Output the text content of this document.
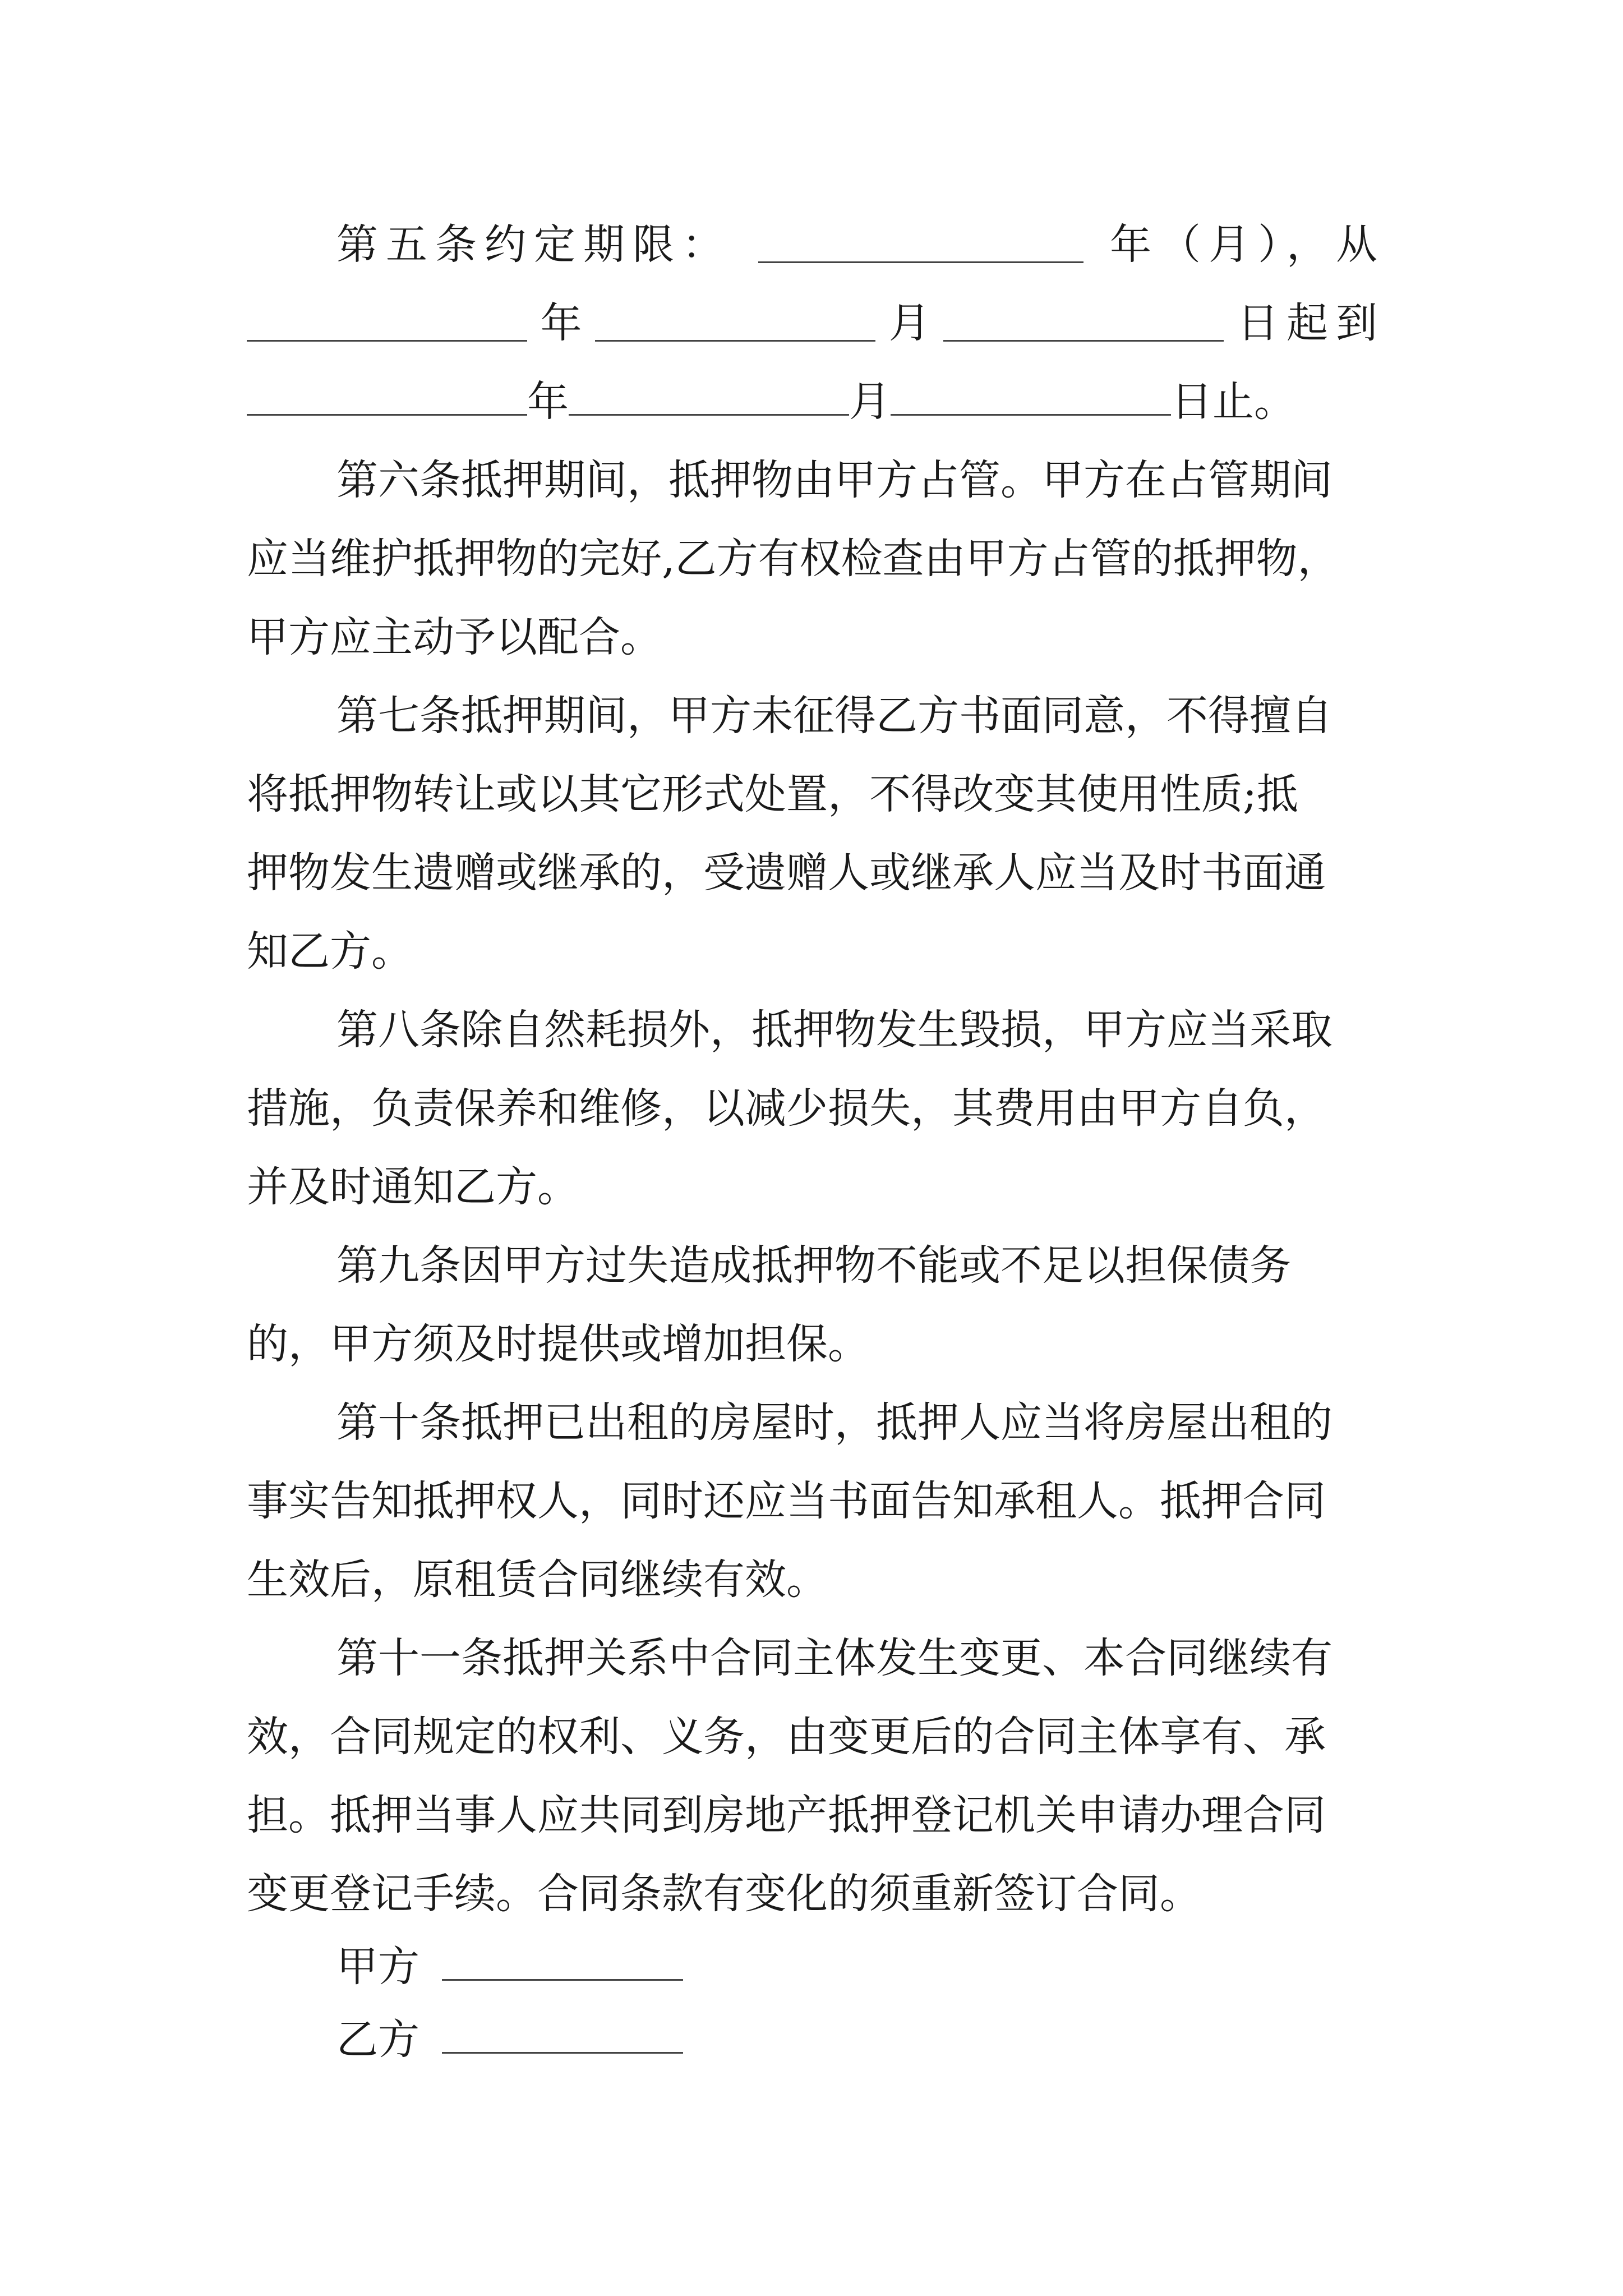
第五条约定期限：	年（月），从
年	月	日起到
年	月	日止。
第六条抵押期间，抵押物由甲方占管。甲方在占管期间
应当维护抵押物的完好,乙方有权检查由甲方占管的抵押物，
甲方应主动予以配合。
第七条抵押期间，甲方未征得乙方书面同意，不得擅自
将抵押物转让或以其它形式处置，不得改变其使用性质;抵
押物发生遗赠或继承的，受遗赠人或继承人应当及时书面通
知乙方。
第八条除自然耗损外，抵押物发生毁损，甲方应当采取
措施，负责保养和维修，以减少损失，其费用由甲方自负，
并及时通知乙方。
第九条因甲方过失造成抵押物不能或不足以担保债务
的，甲方须及时提供或增加担保。
第十条抵押已出租的房屋时，抵押人应当将房屋出租的
事实告知抵押权人，同时还应当书面告知承租人。抵押合同
生效后，原租赁合同继续有效。
第十一条抵押关系中合同主体发生变更、本合同继续有
效，合同规定的权利、义务，由变更后的合同主体享有、承
担。抵押当事人应共同到房地产抵押登记机关申请办理合同
变更登记手续。合同条款有变化的须重新签订合同。
甲方
乙方
